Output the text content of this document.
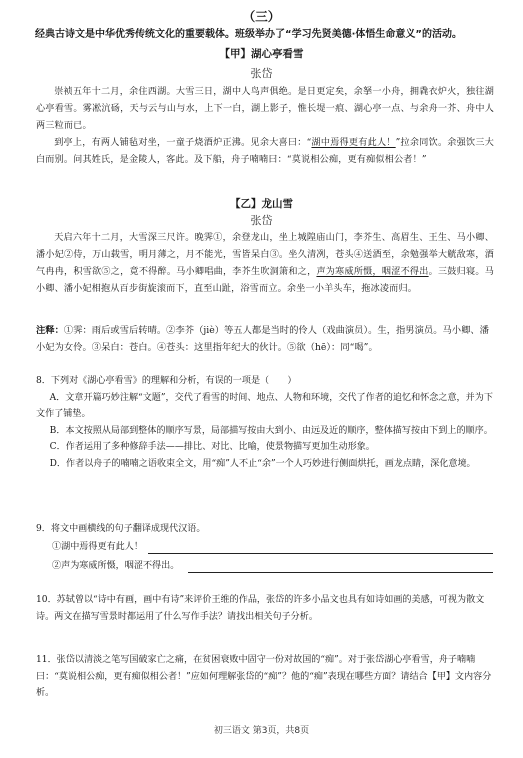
（三）
经典古诗文是中华优秀传统文化的重要载体。班级举办了“学习先贤美德·体悟生命意义”的活动。
【甲】湖心亭看雪
张岱

崇祯五年十二月，余住西湖。大雪三日，湖中人鸟声俱绝。是日更定矣，余拏一小舟，拥毳衣炉火，独往湖心亭看雪。雾凇沆砀，天与云与山与水，上下一白，湖上影子，惟长堤一痕、湖心亭一点、与余舟一芥、舟中人两三粒而已。

到亭上，有两人铺毡对坐，一童子烧酒炉正沸。见余大喜曰：“湖中焉得更有此人！”拉余同饮。余强饮三大白而别。问其姓氏，是金陵人，客此。及下船，舟子喃喃曰：“莫说相公痴，更有痴似相公者！”

【乙】龙山雪
张岱

天启六年十二月，大雪深三尺许。晚霁①，余登龙山，坐上城隍庙山门，李芥生、高眉生、王生、马小卿、潘小妃②侍，万山载雪，明月薄之，月不能光，雪皆呆白③。坐久清冽，苍头④送酒至，余勉强举大觥敌寒，酒气冉冉，积雪欲⑤之，竟不得醉。马小卿唱曲，李芥生吹洞箫和之，声为寒威所慑，咽涩不得出。三鼓归寝。马小卿、潘小妃相抱从百步街旋滚而下，直至山趾，浴雪而立。余坐一小羊头车，拖冰凌而归。

注释：①霁：雨后或雪后转晴。②李芥（jiè）等五人都是当时的伶人（戏曲演员）。生，指男演员。马小卿、潘小妃为女伶。③呆白：苍白。④苍头：这里指年纪大的伙计。⑤欲（hē）：同“喝”。

8．下列对《湖心亭看雪》的理解和分析，有误的一项是（　　）

A．文章开篇巧妙注解“文题”，交代了看雪的时间、地点、人物和环境，交代了作者的追忆和怀念之意，并为下文作了铺垫。

B．本文按照从局部到整体的顺序写景，局部描写按由大到小、由远及近的顺序，整体描写按由下到上的顺序。

C．作者运用了多种修辞手法——排比、对比、比喻，使景物描写更加生动形象。

D．作者以舟子的喃喃之语收束全文，用“痴”人不止“余”一个人巧妙进行侧面烘托，画龙点睛，深化意境。

9．将文中画横线的句子翻译成现代汉语。

①湖中焉得更有此人！
②声为寒威所慑，咽涩不得出。

10．苏轼曾以“诗中有画，画中有诗”来评价王维的作品，张岱的许多小品文也具有如诗如画的美感，可视为散文诗。两文在描写雪景时都运用了什么写作手法？请找出相关句子分析。

11．张岱以清淡之笔写国破家亡之痛，在贫困衰败中固守一份对故国的“痴”。对于张岱湖心亭看雪，舟子喃喃曰：“莫说相公痴，更有痴似相公者！”应如何理解张岱的“痴”？他的“痴”表现在哪些方面？请结合【甲】文内容分析。

初三语文 第3页，共8页
